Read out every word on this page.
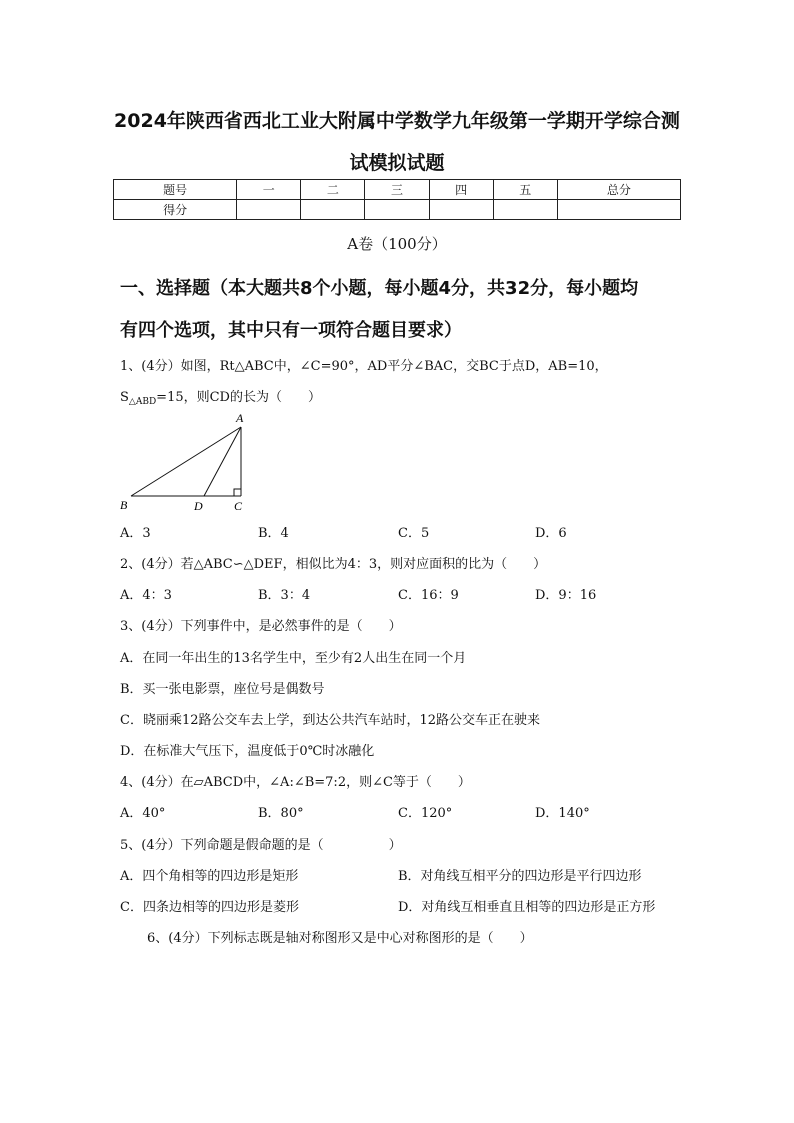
2024年陕西省西北工业大附属中学数学九年级第一学期开学综合测
试模拟试题
题号	一	二	三	四	五	总分
得分						
A卷（100分）
一、选择题（本大题共8个小题，每小题4分，共32分，每小题均
有四个选项，其中只有一项符合题目要求）
1、(4分）如图，Rt△ABC中，∠C=90°，AD平分∠BAC，交BC于点D，AB=10，
$S_{\triangle ABD}=15$，则CD的长为（　　）
A
B	C
D
A．3	B．4	C．5	D．6
2、(4分）若△ABC∽△DEF，相似比为4：3，则对应面积的比为（　　）
A．4：3	B．3：4	C．16：9	D．9：16
3、(4分）下列事件中，是必然事件的是（　　）
A．在同一年出生的13名学生中，至少有2人出生在同一个月
B．买一张电影票，座位号是偶数号
C．晓丽乘12路公交车去上学，到达公共汽车站时，12路公交车正在驶来
D．在标准大气压下，温度低于0℃时冰融化
4、(4分）在▱ABCD中，∠A:∠B=7:2，则∠C等于（　　）
A．40°	B．80°	C．120°	D．140°
5、(4分）下列命题是假命题的是（　　　　　）
A．四个角相等的四边形是矩形	B．对角线互相平分的四边形是平行四边形
C．四条边相等的四边形是菱形	D．对角线互相垂直且相等的四边形是正方形
6、(4分）下列标志既是轴对称图形又是中心对称图形的是（　　）
